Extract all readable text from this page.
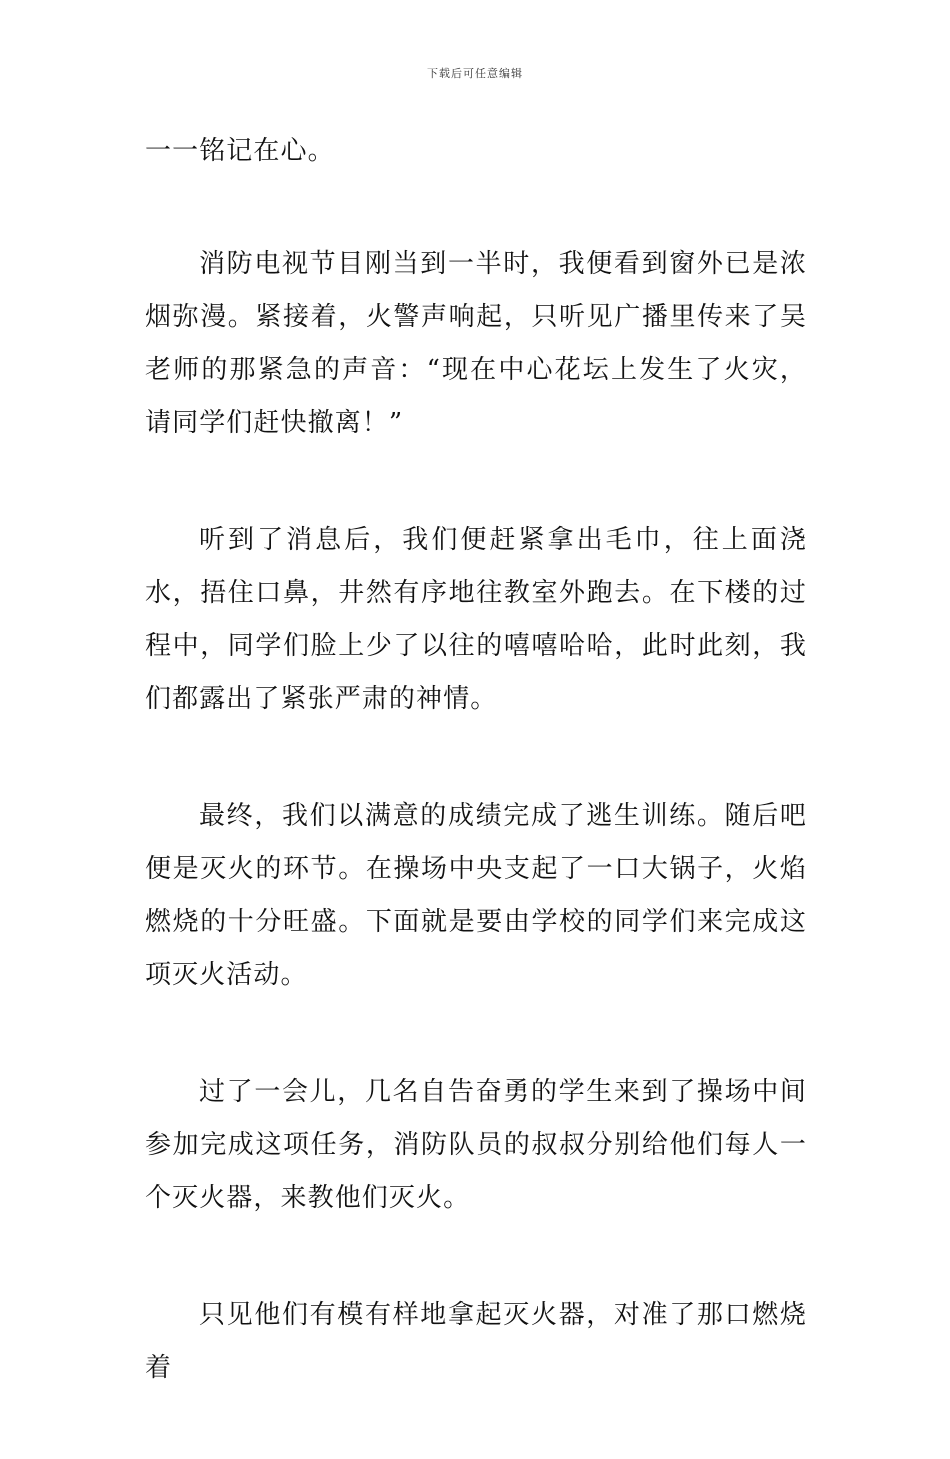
下载后可任意编辑

一一铭记在心。

消防电视节目刚当到一半时，我便看到窗外已是浓烟弥漫。紧接着，火警声响起，只听见广播里传来了吴老师的那紧急的声音：“现在中心花坛上发生了火灾，请同学们赶快撤离！”

听到了消息后，我们便赶紧拿出毛巾，往上面浇水，捂住口鼻，井然有序地往教室外跑去。在下楼的过程中，同学们脸上少了以往的嘻嘻哈哈，此时此刻，我们都露出了紧张严肃的神情。

最终，我们以满意的成绩完成了逃生训练。随后吧便是灭火的环节。在操场中央支起了一口大锅子，火焰燃烧的十分旺盛。下面就是要由学校的同学们来完成这项灭火活动。

过了一会儿，几名自告奋勇的学生来到了操场中间参加完成这项任务，消防队员的叔叔分别给他们每人一个灭火器，来教他们灭火。

只见他们有模有样地拿起灭火器，对准了那口燃烧着
